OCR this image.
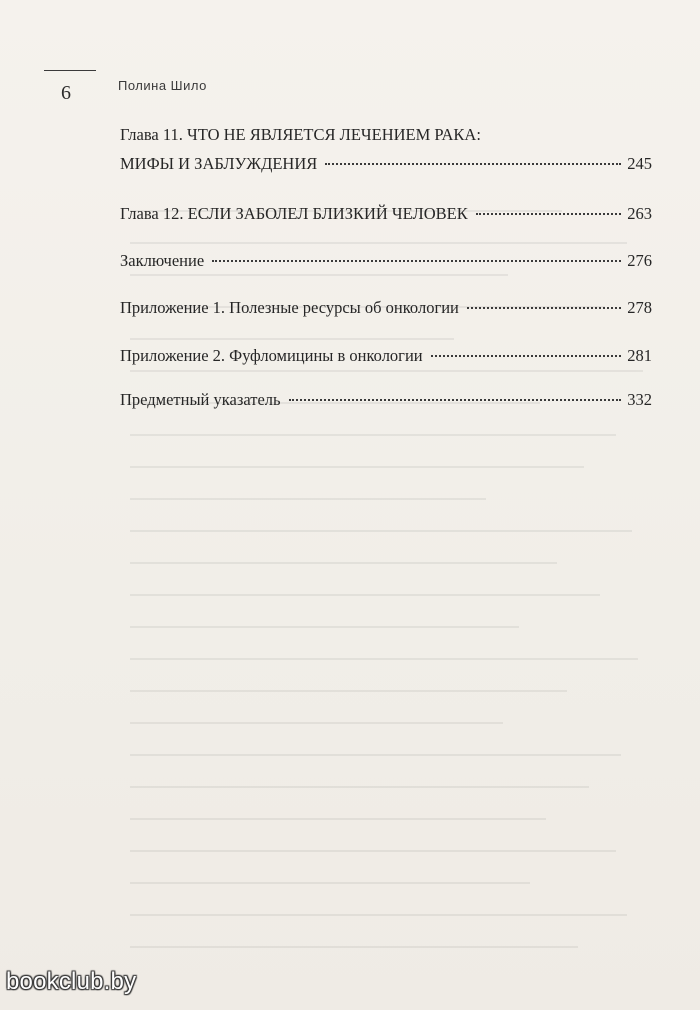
6	Полина Шило
Глава 11. ЧТО НЕ ЯВЛЯЕТСЯ ЛЕЧЕНИЕМ РАКА:
МИФЫ И ЗАБЛУЖДЕНИЯ	245
Глава 12. ЕСЛИ ЗАБОЛЕЛ БЛИЗКИЙ ЧЕЛОВЕК	263
Заключение	276
Приложение 1. Полезные ресурсы об онкологии	278
Приложение 2. Фуфломицины в онкологии	281
Предметный указатель	332
bookclub.by
